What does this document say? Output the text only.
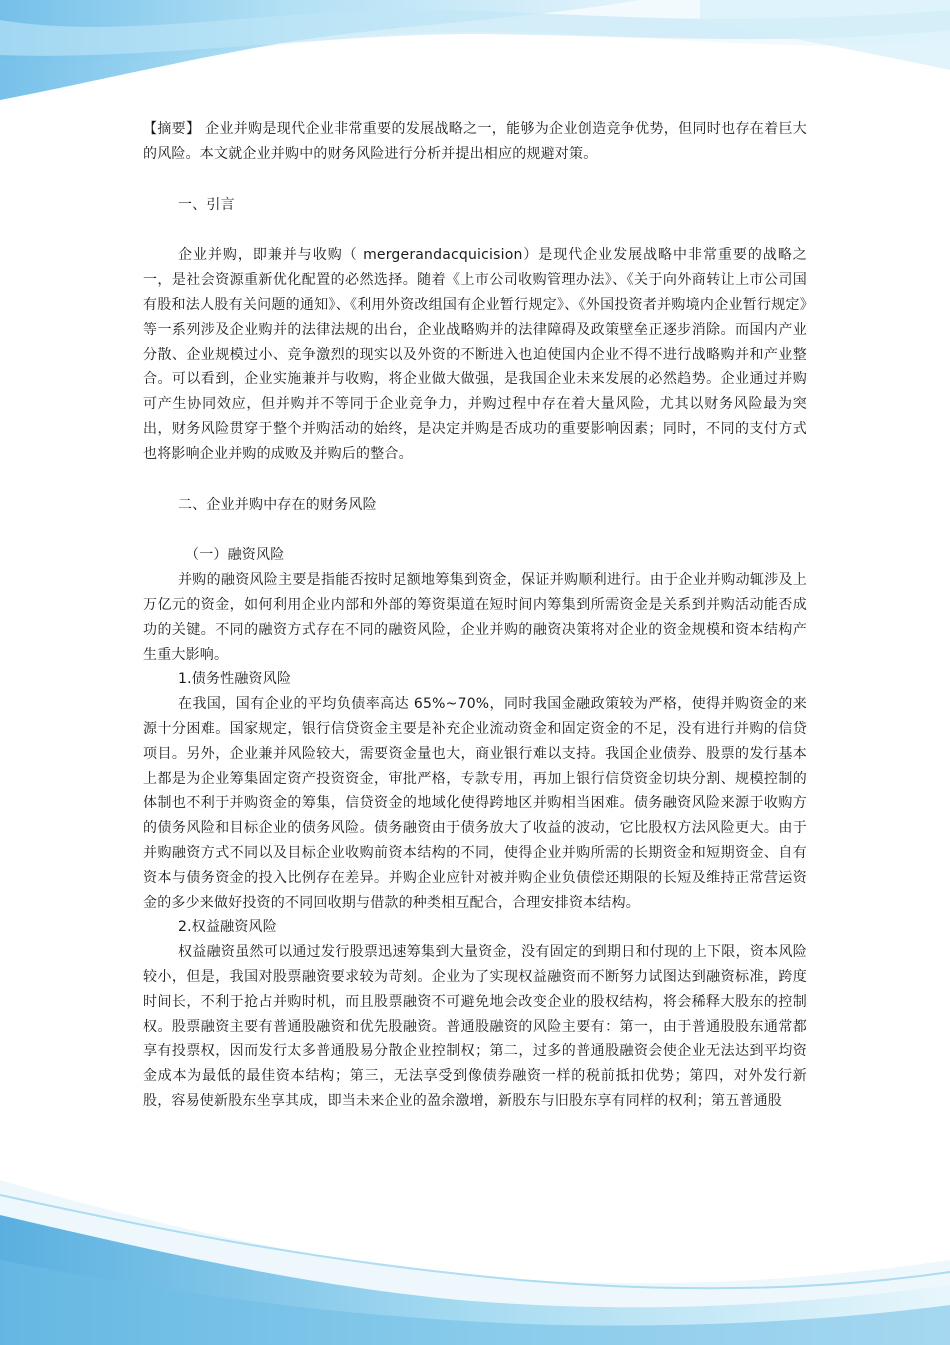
【摘要】 企业并购是现代企业非常重要的发展战略之一，能够为企业创造竞争优势，但同时也存在着巨大的风险。本文就企业并购中的财务风险进行分析并提出相应的规避对策。

一、引言

企业并购，即兼并与收购（ mergerandacquicision）是现代企业发展战略中非常重要的战略之一，是社会资源重新优化配置的必然选择。随着《上市公司收购管理办法》、《关于向外商转让上市公司国有股和法人股有关问题的通知》、《利用外资改组国有企业暂行规定》、《外国投资者并购境内企业暂行规定》等一系列涉及企业购并的法律法规的出台，企业战略购并的法律障碍及政策壁垒正逐步消除。而国内产业分散、企业规模过小、竞争激烈的现实以及外资的不断进入也迫使国内企业不得不进行战略购并和产业整合。可以看到，企业实施兼并与收购，将企业做大做强，是我国企业未来发展的必然趋势。企业通过并购可产生协同效应，但并购并不等同于企业竞争力，并购过程中存在着大量风险，尤其以财务风险最为突出，财务风险贯穿于整个并购活动的始终，是决定并购是否成功的重要影响因素；同时，不同的支付方式也将影响企业并购的成败及并购后的整合。

二、企业并购中存在的财务风险

（一）融资风险

并购的融资风险主要是指能否按时足额地筹集到资金，保证并购顺利进行。由于企业并购动辄涉及上万亿元的资金，如何利用企业内部和外部的筹资渠道在短时间内筹集到所需资金是关系到并购活动能否成功的关键。不同的融资方式存在不同的融资风险，企业并购的融资决策将对企业的资金规模和资本结构产生重大影响。

1.债务性融资风险

在我国，国有企业的平均负债率高达 65%~70%，同时我国金融政策较为严格，使得并购资金的来源十分困难。国家规定，银行信贷资金主要是补充企业流动资金和固定资金的不足，没有进行并购的信贷项目。另外，企业兼并风险较大，需要资金量也大，商业银行难以支持。我国企业债券、股票的发行基本上都是为企业筹集固定资产投资资金，审批严格，专款专用，再加上银行信贷资金切块分割、规模控制的体制也不利于并购资金的筹集，信贷资金的地域化使得跨地区并购相当困难。债务融资风险来源于收购方的债务风险和目标企业的债务风险。债务融资由于债务放大了收益的波动，它比股权方法风险更大。由于并购融资方式不同以及目标企业收购前资本结构的不同，使得企业并购所需的长期资金和短期资金、自有资本与债务资金的投入比例存在差异。并购企业应针对被并购企业负债偿还期限的长短及维持正常营运资金的多少来做好投资的不同回收期与借款的种类相互配合，合理安排资本结构。

2.权益融资风险

权益融资虽然可以通过发行股票迅速筹集到大量资金，没有固定的到期日和付现的上下限，资本风险较小，但是，我国对股票融资要求较为苛刻。企业为了实现权益融资而不断努力试图达到融资标准，跨度时间长，不利于抢占并购时机，而且股票融资不可避免地会改变企业的股权结构，将会稀释大股东的控制权。股票融资主要有普通股融资和优先股融资。普通股融资的风险主要有：第一，由于普通股股东通常都享有投票权，因而发行太多普通股易分散企业控制权；第二，过多的普通股融资会使企业无法达到平均资金成本为最低的最佳资本结构；第三，无法享受到像债券融资一样的税前抵扣优势；第四，对外发行新股，容易使新股东坐享其成，即当未来企业的盈余激增，新股东与旧股东享有同样的权利；第五普通股
